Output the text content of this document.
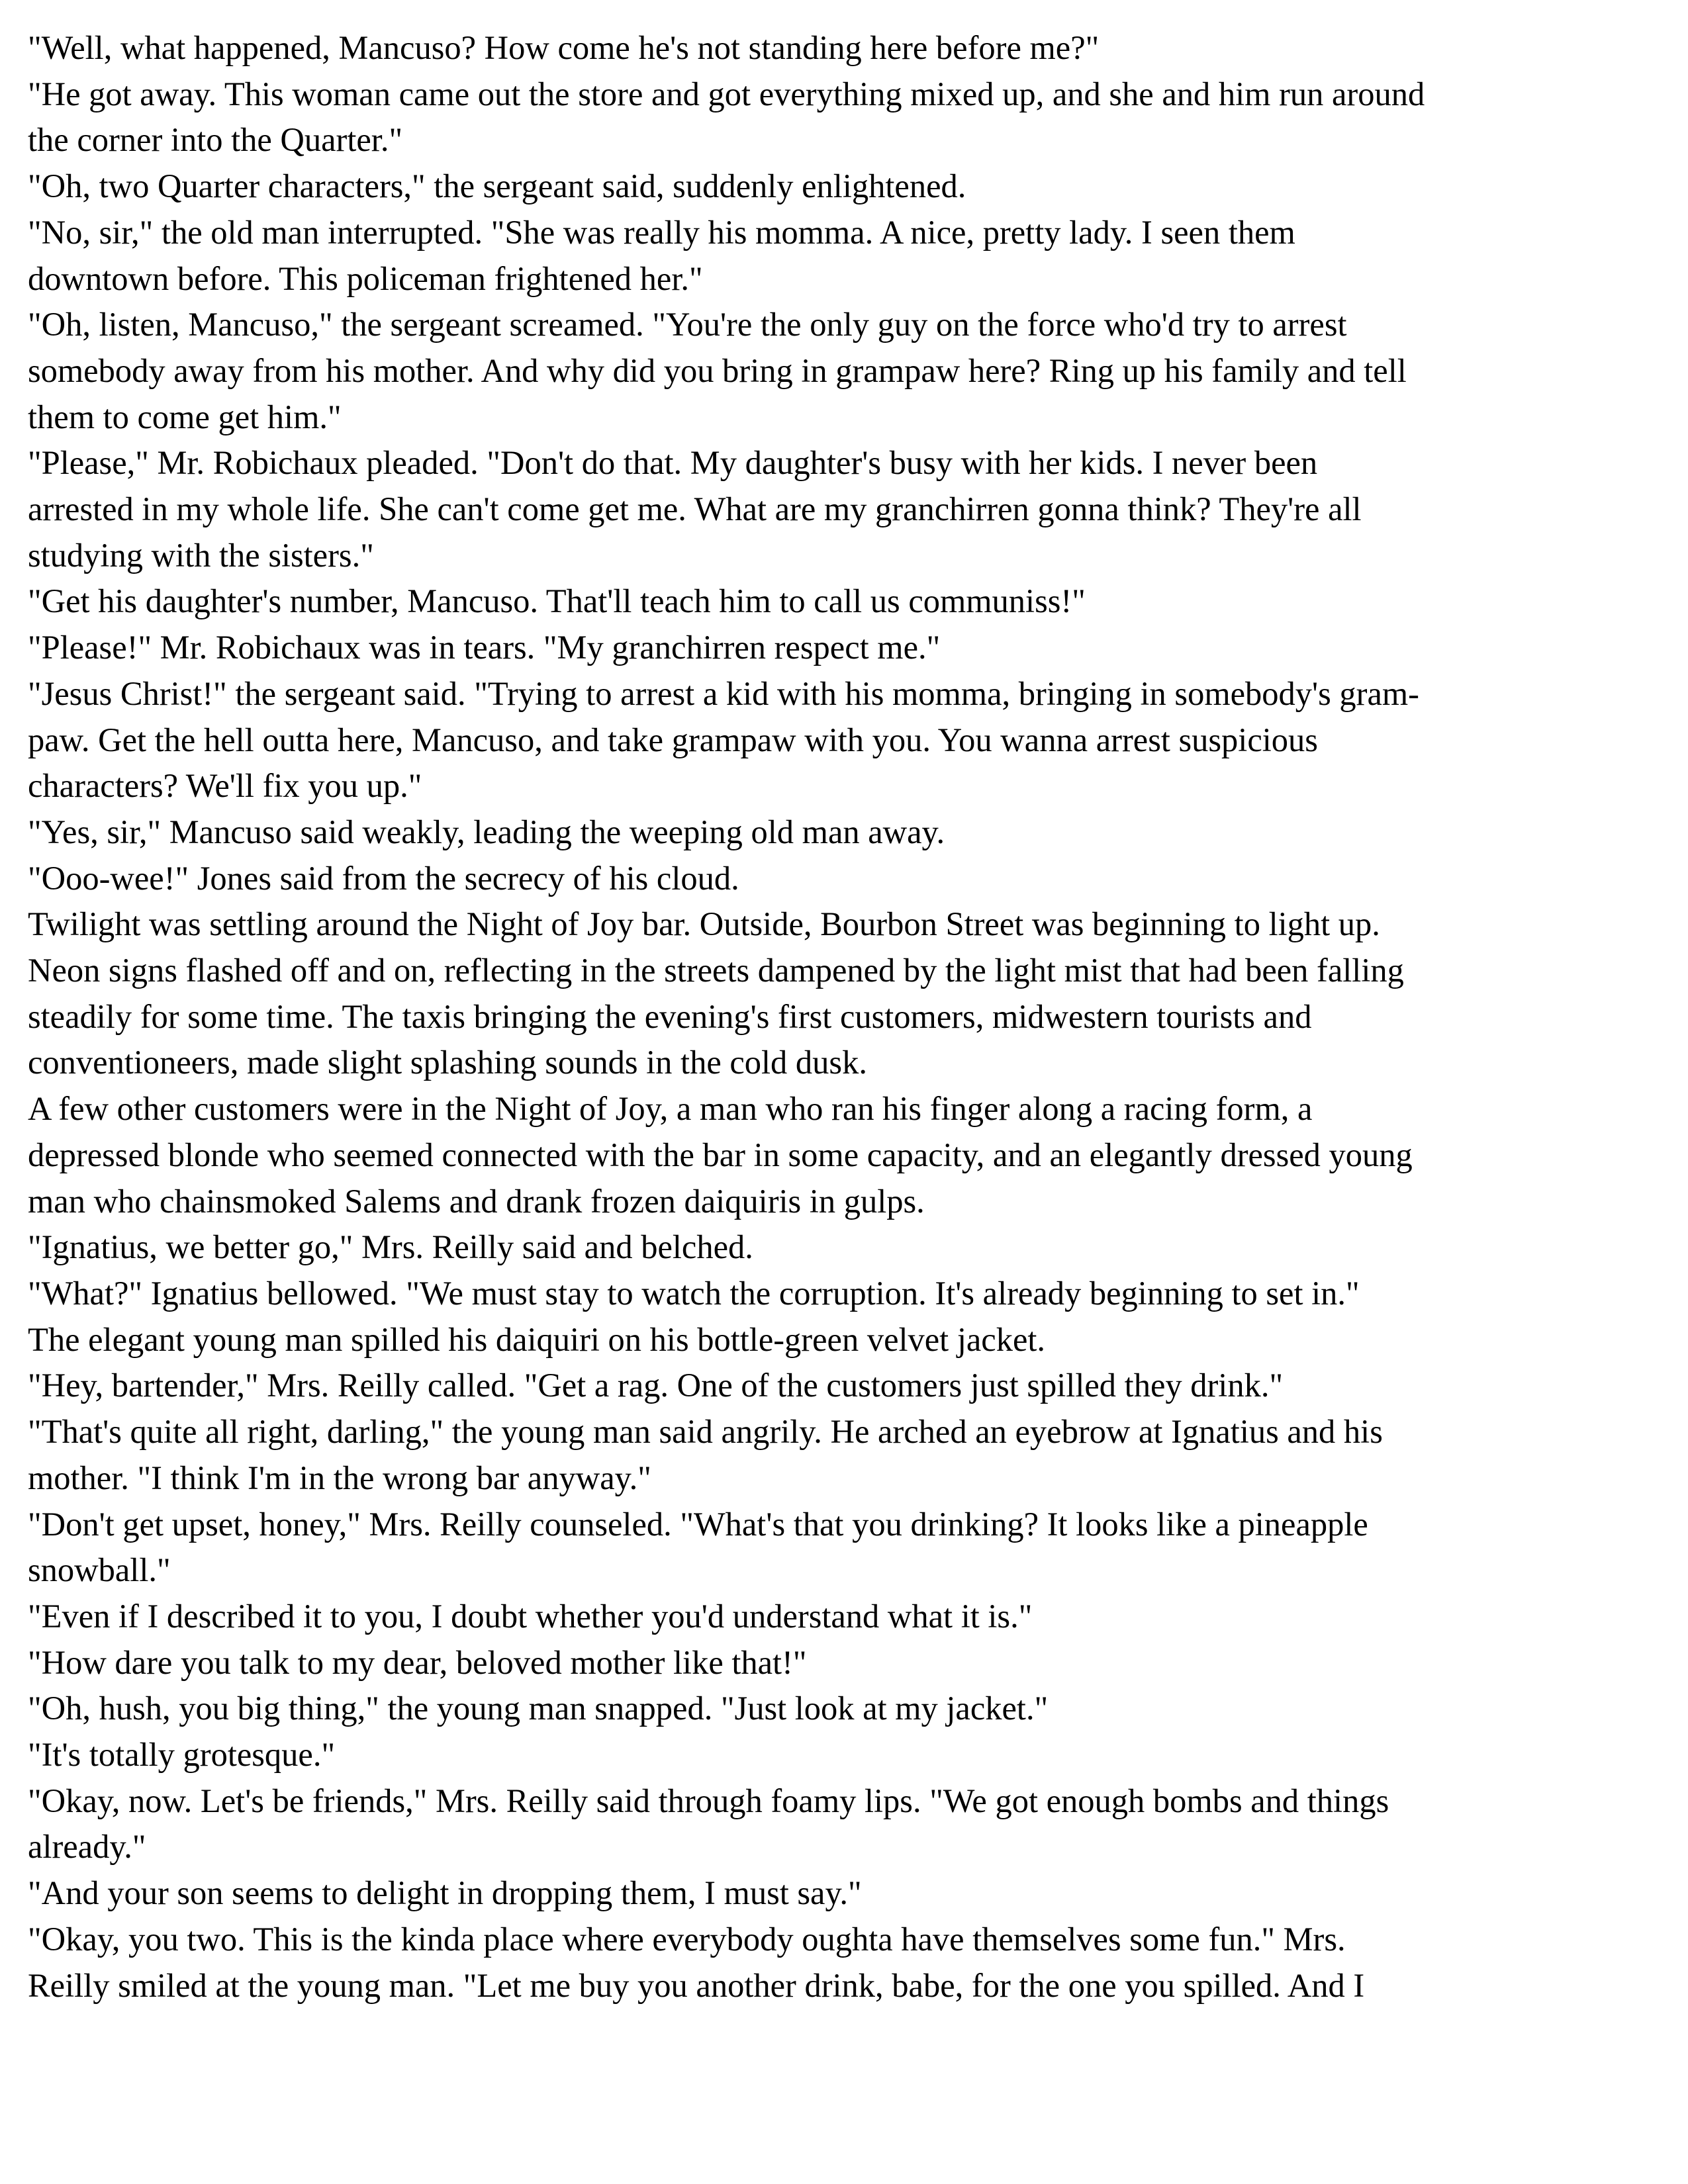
"Well, what happened, Mancuso? How come he's not standing here before me?"

"He got away. This woman came out the store and got everything mixed up, and she and him run around
the corner into the Quarter."

"Oh, two Quarter characters," the sergeant said, suddenly enlightened.

"No, sir," the old man interrupted. "She was really his momma. A nice, pretty lady. I seen them
downtown before. This policeman frightened her."

"Oh, listen, Mancuso," the sergeant screamed. "You're the only guy on the force who'd try to arrest
somebody away from his mother. And why did you bring in grampaw here? Ring up his family and tell
them to come get him."

"Please," Mr. Robichaux pleaded. "Don't do that. My daughter's busy with her kids. I never been
arrested in my whole life. She can't come get me. What are my granchirren gonna think? They're all
studying with the sisters."

"Get his daughter's number, Mancuso. That'll teach him to call us communiss!"

"Please!" Mr. Robichaux was in tears. "My granchirren respect me."

"Jesus Christ!" the sergeant said. "Trying to arrest a kid with his momma, bringing in somebody's gram-
paw. Get the hell outta here, Mancuso, and take grampaw with you. You wanna arrest suspicious
characters? We'll fix you up."

"Yes, sir," Mancuso said weakly, leading the weeping old man away.

"Ooo-wee!" Jones said from the secrecy of his cloud.

Twilight was settling around the Night of Joy bar. Outside, Bourbon Street was beginning to light up.
Neon signs flashed off and on, reflecting in the streets dampened by the light mist that had been falling
steadily for some time. The taxis bringing the evening's first customers, midwestern tourists and
conventioneers, made slight splashing sounds in the cold dusk.

A few other customers were in the Night of Joy, a man who ran his finger along a racing form, a
depressed blonde who seemed connected with the bar in some capacity, and an elegantly dressed young
man who chainsmoked Salems and drank frozen daiquiris in gulps.

"Ignatius, we better go," Mrs. Reilly said and belched.

"What?" Ignatius bellowed. "We must stay to watch the corruption. It's already beginning to set in."

The elegant young man spilled his daiquiri on his bottle-green velvet jacket.

"Hey, bartender," Mrs. Reilly called. "Get a rag. One of the customers just spilled they drink."

"That's quite all right, darling," the young man said angrily. He arched an eyebrow at Ignatius and his
mother. "I think I'm in the wrong bar anyway."

"Don't get upset, honey," Mrs. Reilly counseled. "What's that you drinking? It looks like a pineapple
snowball."

"Even if I described it to you, I doubt whether you'd understand what it is."

"How dare you talk to my dear, beloved mother like that!"

"Oh, hush, you big thing," the young man snapped. "Just look at my jacket."

"It's totally grotesque."

"Okay, now. Let's be friends," Mrs. Reilly said through foamy lips. "We got enough bombs and things
already."

"And your son seems to delight in dropping them, I must say."

"Okay, you two. This is the kinda place where everybody oughta have themselves some fun." Mrs.
Reilly smiled at the young man. "Let me buy you another drink, babe, for the one you spilled. And I
